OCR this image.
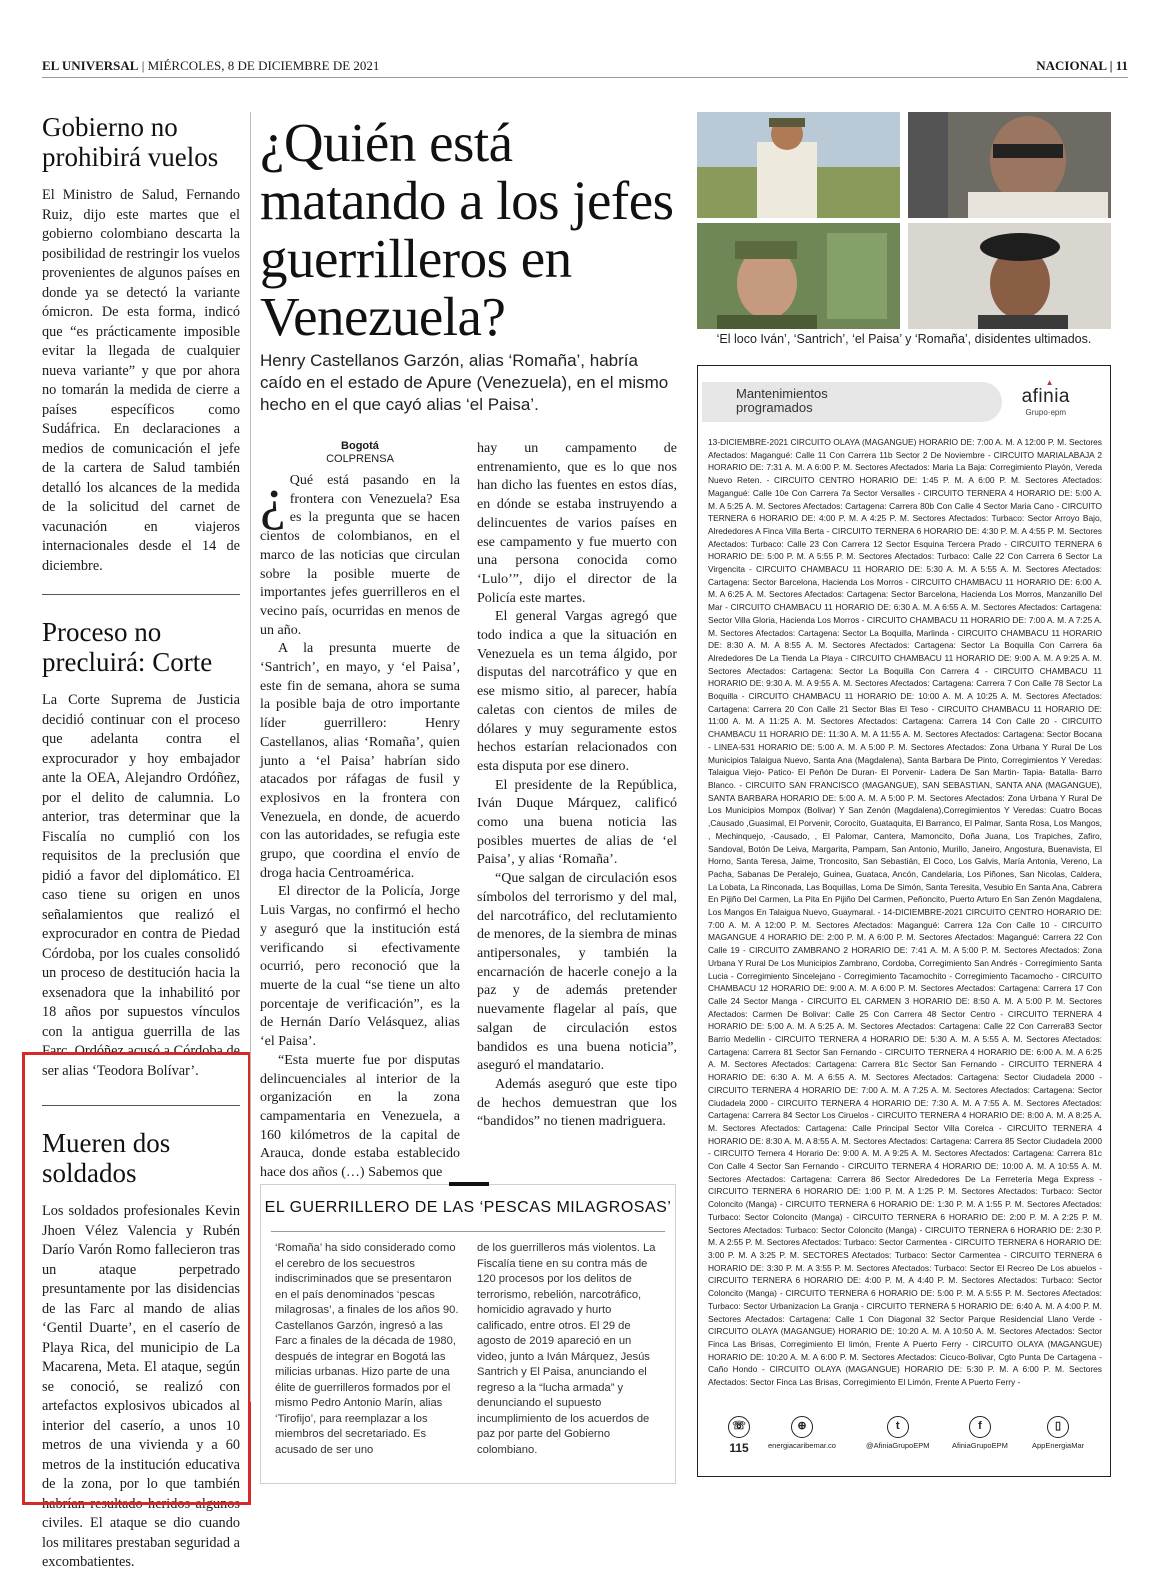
EL UNIVERSAL | MIÉRCOLES, 8 DE DICIEMBRE DE 2021	NACIONAL | 11
Gobierno no prohibirá vuelos

El Ministro de Salud, Fernando Ruiz, dijo este martes que el gobierno colombiano descarta la posibilidad de restringir los vuelos provenientes de algunos países en donde ya se detectó la variante ómicron. De esta forma, indicó que “es prácticamente imposible evitar la llegada de cualquier nueva variante” y que por ahora no tomarán la medida de cierre a países específicos como Sudáfrica. En declaraciones a medios de comunicación el jefe de la cartera de Salud también detalló los alcances de la medida de la solicitud del carnet de vacunación en viajeros internacionales desde el 14 de diciembre.

Proceso no precluirá: Corte

La Corte Suprema de Justicia decidió continuar con el proceso que adelanta contra el exprocurador y hoy embajador ante la OEA, Alejandro Ordóñez, por el delito de calumnia. Lo anterior, tras determinar que la Fiscalía no cumplió con los requisitos de la preclusión que pidió a favor del diplomático. El caso tiene su origen en unos señalamientos que realizó el exprocurador en contra de Piedad Córdoba, por los cuales consolidó un proceso de destitución hacia la exsenadora que la inhabilitó por 18 años por supuestos vínculos con la antigua guerrilla de las Farc. Ordóñez acusó a Córdoba de ser alias ‘Teodora Bolívar’.

Mueren dos soldados

Los soldados profesionales Kevin Jhoen Vélez Valencia y Rubén Darío Varón Romo fallecieron tras un ataque perpetrado presuntamente por las disidencias de las Farc al mando de alias ‘Gentil Duarte’, en el caserío de Playa Rica, del municipio de La Macarena, Meta. El ataque, según se conoció, se realizó con artefactos explosivos ubicados al interior del caserío, a unos 10 metros de una vivienda y a 60 metros de la institución educativa de la zona, por lo que también habrían resultado heridos algunos civiles. El ataque se dio cuando los militares prestaban seguridad a excombatientes.

¿Quién está matando a los jefes guerrilleros en Venezuela?

Henry Castellanos Garzón, alias ‘Romaña’, habría caído en el estado de Apure (Venezuela), en el mismo hecho en el que cayó alias ‘el Paisa’.

Bogotá
COLPRENSA

¿ Qué está pasando en la frontera con Venezuela? Esa es la pregunta que se hacen cientos de colombianos, en el marco de las noticias que circulan sobre la posible muerte de importantes jefes guerrilleros en el vecino país, ocurridas en menos de un año.

A la presunta muerte de ‘Santrich’, en mayo, y ‘el Paisa’, este fin de semana, ahora se suma la posible baja de otro importante líder guerrillero: Henry Castellanos, alias ‘Romaña’, quien junto a ‘el Paisa’ habrían sido atacados por ráfagas de fusil y explosivos en la frontera con Venezuela, en donde, de acuerdo con las autoridades, se refugia este grupo, que coordina el envío de droga hacia Centroamérica.

El director de la Policía, Jorge Luis Vargas, no confirmó el hecho y aseguró que la institución está verificando si efectivamente ocurrió, pero reconoció que la muerte de la cual “se tiene un alto porcentaje de verificación”, es la de Hernán Darío Velásquez, alias ‘el Paisa’.

“Esta muerte fue por disputas delincuenciales al interior de la organización en la zona campamentaria en Venezuela, a 160 kilómetros de la capital de Arauca, donde estaba establecido hace dos años (…) Sabemos que

hay un campamento de entrenamiento, que es lo que nos han dicho las fuentes en estos días, en dónde se estaba instruyendo a delincuentes de varios países en ese campamento y fue muerto con una persona conocida como ‘Lulo’”, dijo el director de la Policía este martes.

El general Vargas agregó que todo indica a que la situación en Venezuela es un tema álgido, por disputas del narcotráfico y que en ese mismo sitio, al parecer, había caletas con cientos de miles de dólares y muy seguramente estos hechos estarían relacionados con esta disputa por ese dinero.

El presidente de la República, Iván Duque Márquez, calificó como una buena noticia las posibles muertes de alias de ‘el Paisa’, y alias ‘Romaña’.

“Que salgan de circulación esos símbolos del terrorismo y del mal, del narcotráfico, del reclutamiento de menores, de la siembra de minas antipersonales, y también la encarnación de hacerle conejo a la paz y de además pretender nuevamente flagelar al país, que salgan de circulación estos bandidos es una buena noticia”, aseguró el mandatario.

Además aseguró que este tipo de hechos demuestran que los “bandidos” no tienen madriguera.

EL GUERRILLERO DE LAS ‘PESCAS MILAGROSAS’

‘Romaña’ ha sido considerado como el cerebro de los secuestros indiscriminados que se presentaron en el país denominados ‘pescas milagrosas’, a finales de los años 90. Castellanos Garzón, ingresó a las Farc a finales de la década de 1980, después de integrar en Bogotá las milicias urbanas. Hizo parte de una élite de guerrilleros formados por el mismo Pedro Antonio Marín, alias ‘Tirofijo’, para reemplazar a los miembros del secretariado. Es acusado de ser uno

de los guerrilleros más violentos. La Fiscalía tiene en su contra más de 120 procesos por los delitos de terrorismo, rebelión, narcotráfico, homicidio agravado y hurto calificado, entre otros. El 29 de agosto de 2019 apareció en un video, junto a Iván Márquez, Jesús Santrich y El Paisa, anunciando el regreso a la “lucha armada” y denunciando el supuesto incumplimiento de los acuerdos de paz por parte del Gobierno colombiano.

‘El loco Iván’, ‘Santrich’, ‘el Paisa’ y ‘Romaña’, disidentes ultimados.
Mantenimientos
programados
▲
afinia
Grupo·epm

13-DICIEMBRE-2021 CIRCUITO OLAYA (MAGANGUE) HORARIO DE: 7:00 A. M. A 12:00 P. M. Sectores Afectados: Magangué: Calle 11 Con Carrera 11b Sector 2 De Noviembre - CIRCUITO MARIALABAJA 2 HORARIO DE: 7:31 A. M. A 6:00 P. M. Sectores Afectados: Maria La Baja: Corregimiento Playón, Vereda Nuevo Reten. - CIRCUITO CENTRO HORARIO DE: 1:45 P. M. A 6:00 P. M. Sectores Afectados: Magangué: Calle 10e Con Carrera 7a Sector Versalles - CIRCUITO TERNERA 4 HORARIO DE: 5:00 A. M. A 5:25 A. M. Sectores Afectados: Cartagena: Carrera 80b Con Calle 4 Sector Maria Cano - CIRCUITO TERNERA 6 HORARIO DE: 4:00 P. M. A 4:25 P. M. Sectores Afectados: Turbaco: Sector Arroyo Bajo, Alrededores A Finca Villa Berta - CIRCUITO TERNERA 6 HORARIO DE: 4:30 P. M. A 4:55 P. M. Sectores Afectados: Turbaco: Calle 23 Con Carrera 12 Sector Esquina Tercera Prado - CIRCUITO TERNERA 6 HORARIO DE: 5:00 P. M. A 5:55 P. M. Sectores Afectados: Turbaco: Calle 22 Con Carrera 6 Sector La Virgencita - CIRCUITO CHAMBACU 11 HORARIO DE: 5:30 A. M. A 5:55 A. M. Sectores Afectados: Cartagena: Sector Barcelona, Hacienda Los Morros - CIRCUITO CHAMBACU 11 HORARIO DE: 6:00 A. M. A 6:25 A. M. Sectores Afectados: Cartagena: Sector Barcelona, Hacienda Los Morros, Manzanillo Del Mar - CIRCUITO CHAMBACU 11 HORARIO DE: 6:30 A. M. A 6:55 A. M. Sectores Afectados: Cartagena: Sector Villa Gloria, Hacienda Los Morros - CIRCUITO CHAMBACU 11 HORARIO DE: 7:00 A. M. A 7:25 A. M. Sectores Afectados: Cartagena: Sector La Boquilla, Marlinda - CIRCUITO CHAMBACU 11 HORARIO DE: 8:30 A. M. A 8:55 A. M. Sectores Afectados: Cartagena: Sector La Boquilla Con Carrera 6a Alrededores De La Tienda La Playa - CIRCUITO CHAMBACU 11 HORARIO DE: 9:00 A. M. A 9:25 A. M. Sectores Afectados: Cartagena: Sector La Boquilla Con Carrera 4 - CIRCUITO CHAMBACU 11 HORARIO DE: 9:30 A. M. A 9:55 A. M. Sectores Afectados: Cartagena: Carrera 7 Con Calle 78 Sector La Boquilla - CIRCUITO CHAMBACU 11 HORARIO DE: 10:00 A. M. A 10:25 A. M. Sectores Afectados: Cartagena: Carrera 20 Con Calle 21 Sector Blas El Teso - CIRCUITO CHAMBACU 11 HORARIO DE: 11:00 A. M. A 11:25 A. M. Sectores Afectados: Cartagena: Carrera 14 Con Calle 20 - CIRCUITO CHAMBACU 11 HORARIO DE: 11:30 A. M. A 11:55 A. M. Sectores Afectados: Cartagena: Sector Bocana - LINEA-531 HORARIO DE: 5:00 A. M. A 5:00 P. M. Sectores Afectados: Zona Urbana Y Rural De Los Municipios Talaigua Nuevo, Santa Ana (Magdalena), Santa Barbara De Pinto, Corregimientos Y Veredas: Talaigua Viejo- Patico- El Peñón De Duran- El Porvenir- Ladera De San Martin- Tapia- Batalla- Barro Blanco. - CIRCUITO SAN FRANCISCO (MAGANGUE), SAN SEBASTIAN, SANTA ANA (MAGANGUE), SANTA BARBARA HORARIO DE: 5:00 A. M. A 5:00 P. M. Sectores Afectados: Zona Urbana Y Rural De Los Municipios Mompox (Bolivar) Y San Zenón (Magdalena),Corregimientos Y Veredas: Cuatro Bocas ,Causado ,Guasimal, El Porvenir, Corocito, Guataquita, El Barranco, El Palmar, Santa Rosa, Los Mangos, , Mechinquejo, -Causado, , El Palomar, Cantera, Mamoncito, Doña Juana, Los Trapiches, Zafiro, Sandoval, Botón De Leiva, Margarita, Pampam, San Antonio, Murillo, Janeiro, Angostura, Buenavista, El Horno, Santa Teresa, Jaime, Troncosito, San Sebastián, El Coco, Los Galvis, María Antonia, Vereno, La Pacha, Sabanas De Peralejo, Guinea, Guataca, Ancón, Candelaria, Los Piñones, San Nicolas, Caldera, La Lobata, La Rinconada, Las Boquillas, Loma De Simón, Santa Teresita, Vesubio En Santa Ana, Cabrera En Pijiño Del Carmen, La Pita En Pijiño Del Carmen, Peñoncito, Puerto Arturo En San Zenón Magdalena, Los Mangos En Talaigua Nuevo, Guaymaral. - 14-DICIEMBRE-2021 CIRCUITO CENTRO HORARIO DE: 7:00 A. M. A 12:00 P. M. Sectores Afectados: Magangué: Carrera 12a Con Calle 10 - CIRCUITO MAGANGUE 4 HORARIO DE: 2:00 P. M. A 6:00 P. M. Sectores Afectados: Magangué: Carrera 22 Con Calle 19 - CIRCUITO ZAMBRANO 2 HORARIO DE: 7:41 A. M. A 5:00 P. M. Sectores Afectados: Zona Urbana Y Rural De Los Municipios Zambrano, Cordoba, Corregimiento San Andrés - Corregimiento Santa Lucia - Corregimiento Sincelejano - Corregimiento Tacamochito - Corregimiento Tacamocho - CIRCUITO CHAMBACU 12 HORARIO DE: 9:00 A. M. A 6:00 P. M. Sectores Afectados: Cartagena: Carrera 17 Con Calle 24 Sector Manga - CIRCUITO EL CARMEN 3 HORARIO DE: 8:50 A. M. A 5:00 P. M. Sectores Afectados: Carmen De Bolivar: Calle 25 Con Carrera 48 Sector Centro - CIRCUITO TERNERA 4 HORARIO DE: 5:00 A. M. A 5:25 A. M. Sectores Afectados: Cartagena: Calle 22 Con Carrera83 Sector Barrio Medellin - CIRCUITO TERNERA 4 HORARIO DE: 5:30 A. M. A 5:55 A. M. Sectores Afectados: Cartagena: Carrera 81 Sector San Fernando - CIRCUITO TERNERA 4 HORARIO DE: 6:00 A. M. A 6:25 A. M. Sectores Afectados: Cartagena: Carrera 81c Sector San Fernando - CIRCUITO TERNERA 4 HORARIO DE: 6:30 A. M. A 6:55 A. M. Sectores Afectados: Cartagena: Sector Ciudadela 2000 - CIRCUITO TERNERA 4 HORARIO DE: 7:00 A. M. A 7:25 A. M. Sectores Afectados: Cartagena: Sector Ciudadela 2000 - CIRCUITO TERNERA 4 HORARIO DE: 7:30 A. M. A 7:55 A. M. Sectores Afectados: Cartagena: Carrera 84 Sector Los Ciruelos - CIRCUITO TERNERA 4 HORARIO DE: 8:00 A. M. A 8:25 A. M. Sectores Afectados: Cartagena: Calle Principal Sector Villa Corelca - CIRCUITO TERNERA 4 HORARIO DE: 8:30 A. M. A 8:55 A. M. Sectores Afectados: Cartagena: Carrera 85 Sector Ciudadela 2000 - CIRCUITO Ternera 4 Horario De: 9:00 A. M. A 9:25 A. M. Sectores Afectados: Cartagena: Carrera 81c Con Calle 4 Sector San Fernando - CIRCUITO TERNERA 4 HORARIO DE: 10:00 A. M. A 10:55 A. M. Sectores Afectados: Cartagena: Carrera 86 Sector Alrededores De La Ferretería Mega Express - CIRCUITO TERNERA 6 HORARIO DE: 1:00 P. M. A 1:25 P. M. Sectores Afectados: Turbaco: Sector Coloncito (Manga) - CIRCUITO TERNERA 6 HORARIO DE: 1:30 P. M. A 1:55 P. M. Sectores Afectados: Turbaco: Sector Coloncito (Manga) - CIRCUITO TERNERA 6 HORARIO DE: 2:00 P. M. A 2:25 P. M. Sectores Afectados: Turbaco: Sector Coloncito (Manga) - CIRCUITO TERNERA 6 HORARIO DE: 2:30 P. M. A 2:55 P. M. Sectores Afectados: Turbaco: Sector Carmentea - CIRCUITO TERNERA 6 HORARIO DE: 3:00 P. M. A 3:25 P. M. SECTORES Afectados: Turbaco: Sector Carmentea - CIRCUITO TERNERA 6 HORARIO DE: 3:30 P. M. A 3:55 P. M. Sectores Afectados: Turbaco: Sector El Recreo De Los abuelos - CIRCUITO TERNERA 6 HORARIO DE: 4:00 P. M. A 4:40 P. M. Sectores Afectados: Turbaco: Sector Coloncito (Manga) - CIRCUITO TERNERA 6 HORARIO DE: 5:00 P. M. A 5:55 P. M. Sectores Afectados: Turbaco: Sector Urbanizacion La Granja - CIRCUITO TERNERA 5 HORARIO DE: 6:40 A. M. A 4:00 P. M. Sectores Afectados: Cartagena: Calle 1 Con Diagonal 32 Sector Parque Residencial Llano Verde - CIRCUITO OLAYA (MAGANGUE) HORARIO DE: 10:20 A. M. A 10:50 A. M. Sectores Afectados: Sector Finca Las Brisas, Corregimiento El limón, Frente A Puerto Ferry - CIRCUITO OLAYA (MAGANGUE) HORARIO DE: 10:20 A. M. A 6:00 P. M. Sectores Afectados: Cicuco-Bolivar, Cgto Punta De Cartagena - Caño Hondo - CIRCUITO OLAYA (MAGANGUE) HORARIO DE: 5:30 P. M. A 6:00 P. M. Sectores Afectados: Sector Finca Las Brisas, Corregimiento El Limón, Frente A Puerto Ferry -

☏
115
⊕
energiacaribemar.co
t
@AfiniaGrupoEPM
f
AfiniaGrupoEPM
▯
AppEnergiaMar
